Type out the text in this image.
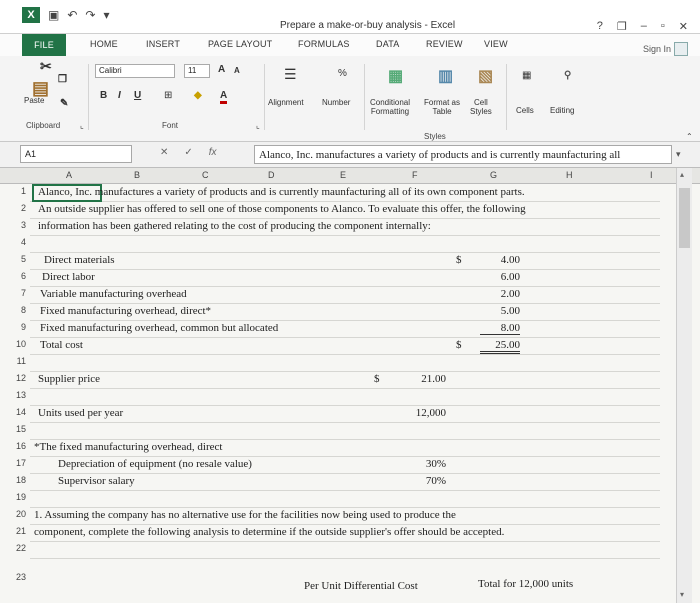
X	▣ ↶ ↷ ▾
Prepare a make-or-buy analysis - Excel	? ❐ – ▫ ✕
FILE	HOME	INSERT	PAGE LAYOUT	FORMULAS	DATA	REVIEW VIEW	Sign In
✂
❐
▤
Paste ✎
Clipboard ⌞
Calibri	11	A A
B I U ⊞ ◆ A
Font	⌞
☰
Alignment
%
Number
▦
Conditional
Formatting
▥
Format as
Table
▧
Cell
Styles
Styles
▦
Cells
⚲
Editing
⌃
A1	✕ ✓ fx	Alanco, Inc. manufactures a variety of products and is currently maunfacturing all	▾
A	B	C	D	E	F	G	H	I
1
2
3
4
5
6
7
8
9
10
11
12
13
14
15
16
17
18
19
20
21
22
23
Alanco, Inc. manufactures a variety of products and is currently maunfacturing all of its own component parts.
An outside supplier has offered to sell one of those components to Alanco. To evaluate this offer, the following
information has been gathered relating to the cost of producing the component internally:
Direct materials	$	4.00
Direct labor	6.00
Variable manufacturing overhead	2.00
Fixed manufacturing overhead, direct*	5.00
Fixed manufacturing overhead, common but allocated	8.00
Total cost	$	25.00
Supplier price	$	21.00
Units used per year	12,000
*The fixed manufacturing overhead, direct
Depreciation of equipment (no resale value)	30%
Supervisor salary	70%
1. Assuming the company has no alternative use for the facilities now being used to produce the
component, complete the following analysis to determine if the outside supplier's offer should be accepted.
Per Unit Differential Cost	Total for 12,000 units
▴
▾
